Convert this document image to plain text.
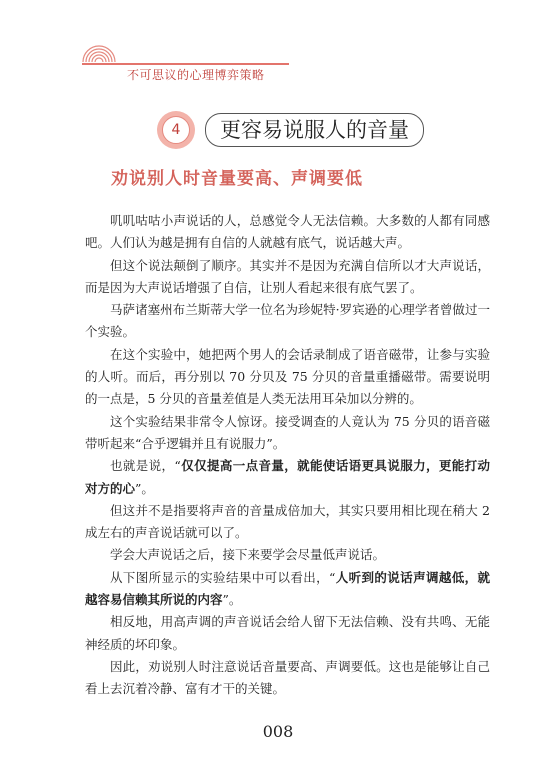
不可思议的心理博弈策略
4	更容易说服人的音量
劝说别人时音量要高、声调要低

叽叽咕咕小声说话的人，总感觉令人无法信赖。大多数的人都有同感吧。人们认为越是拥有自信的人就越有底气，说话越大声。

但这个说法颠倒了顺序。其实并不是因为充满自信所以才大声说话，而是因为大声说话增强了自信，让别人看起来很有底气罢了。

马萨诸塞州布兰斯蒂大学一位名为珍妮特·罗宾逊的心理学者曾做过一个实验。

在这个实验中，她把两个男人的会话录制成了语音磁带，让参与实验的人听。而后，再分别以 70 分贝及 75 分贝的音量重播磁带。需要说明的一点是，5 分贝的音量差值是人类无法用耳朵加以分辨的。

这个实验结果非常令人惊讶。接受调查的人竟认为 75 分贝的语音磁带听起来“合乎逻辑并且有说服力”。

也就是说，“仅仅提高一点音量，就能使话语更具说服力，更能打动对方的心”。

但这并不是指要将声音的音量成倍加大，其实只要用相比现在稍大 2 成左右的声音说话就可以了。

学会大声说话之后，接下来要学会尽量低声说话。

从下图所显示的实验结果中可以看出，“人听到的说话声调越低，就越容易信赖其所说的内容”。

相反地，用高声调的声音说话会给人留下无法信赖、没有共鸣、无能神经质的坏印象。

因此，劝说别人时注意说话音量要高、声调要低。这也是能够让自己看上去沉着冷静、富有才干的关键。

008
